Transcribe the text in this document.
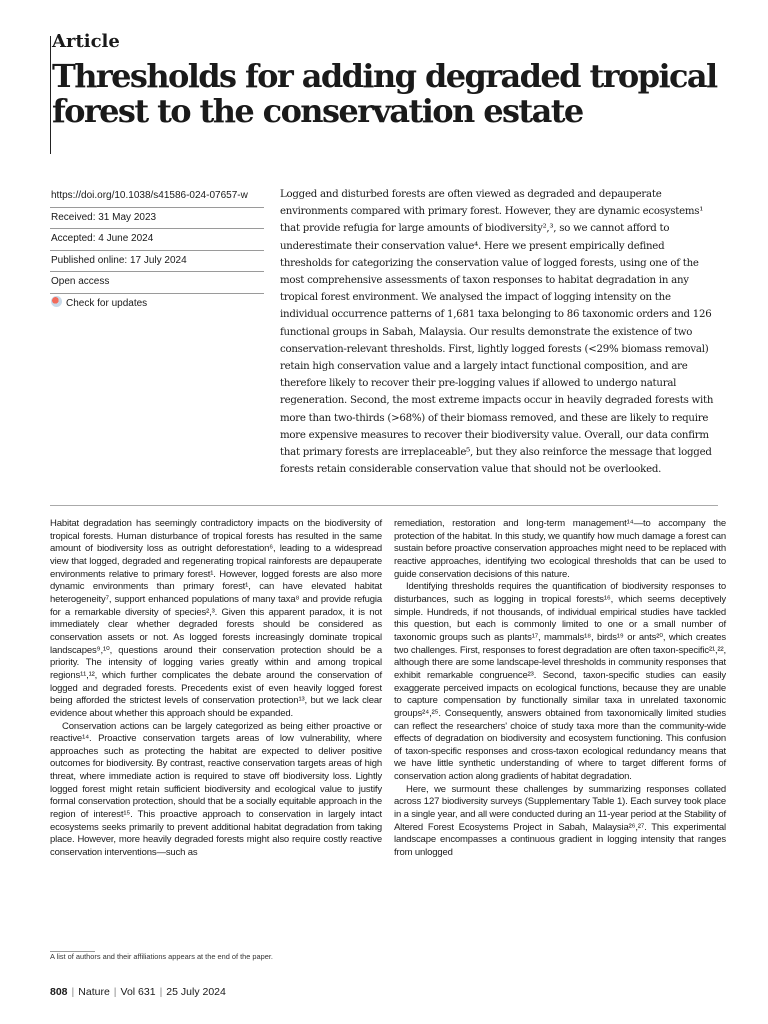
Article
Thresholds for adding degraded tropical forest to the conservation estate
https://doi.org/10.1038/s41586-024-07657-w
Received: 31 May 2023
Accepted: 4 June 2024
Published online: 17 July 2024
Open access
Check for updates

Logged and disturbed forests are often viewed as degraded and depauperate environments compared with primary forest. However, they are dynamic ecosystems¹ that provide refugia for large amounts of biodiversity²,³, so we cannot afford to underestimate their conservation value⁴. Here we present empirically defined thresholds for categorizing the conservation value of logged forests, using one of the most comprehensive assessments of taxon responses to habitat degradation in any tropical forest environment. We analysed the impact of logging intensity on the individual occurrence patterns of 1,681 taxa belonging to 86 taxonomic orders and 126 functional groups in Sabah, Malaysia. Our results demonstrate the existence of two conservation-relevant thresholds. First, lightly logged forests (<29% biomass removal) retain high conservation value and a largely intact functional composition, and are therefore likely to recover their pre-logging values if allowed to undergo natural regeneration. Second, the most extreme impacts occur in heavily degraded forests with more than two-thirds (>68%) of their biomass removed, and these are likely to require more expensive measures to recover their biodiversity value. Overall, our data confirm that primary forests are irreplaceable⁵, but they also reinforce the message that logged forests retain considerable conservation value that should not be overlooked.

Habitat degradation has seemingly contradictory impacts on the biodiversity of tropical forests. Human disturbance of tropical forests has resulted in the same amount of biodiversity loss as outright deforestation⁶, leading to a widespread view that logged, degraded and regenerating tropical rainforests are depauperate environments relative to primary forest¹. However, logged forests are also more dynamic environments than primary forest¹, can have elevated habitat heterogeneity⁷, support enhanced populations of many taxa⁸ and provide refugia for a remarkable diversity of species²,³. Given this apparent paradox, it is not immediately clear whether degraded forests should be considered as conservation assets or not. As logged forests increasingly dominate tropical landscapes⁹,¹⁰, questions around their conservation protection should be a priority. The intensity of logging varies greatly within and among tropical regions¹¹,¹², which further complicates the debate around the conservation of logged and degraded forests. Precedents exist of even heavily logged forest being afforded the strictest levels of conservation protection¹³, but we lack clear evidence about whether this approach should be expanded.

Conservation actions can be largely categorized as being either proactive or reactive¹⁴. Proactive conservation targets areas of low vulnerability, where approaches such as protecting the habitat are expected to deliver positive outcomes for biodiversity. By contrast, reactive conservation targets areas of high threat, where immediate action is required to stave off biodiversity loss. Lightly logged forest might retain sufficient biodiversity and ecological value to justify formal conservation protection, should that be a socially equitable approach in the region of interest¹⁵. This proactive approach to conservation in largely intact ecosystems seeks primarily to prevent additional habitat degradation from taking place. However, more heavily degraded forests might also require costly reactive conservation interventions—such as

remediation, restoration and long-term management¹⁴—to accompany the protection of the habitat. In this study, we quantify how much damage a forest can sustain before proactive conservation approaches might need to be replaced with reactive approaches, identifying two ecological thresholds that can be used to guide conservation decisions of this nature.

Identifying thresholds requires the quantification of biodiversity responses to disturbances, such as logging in tropical forests¹⁶, which seems deceptively simple. Hundreds, if not thousands, of individual empirical studies have tackled this question, but each is commonly limited to one or a small number of taxonomic groups such as plants¹⁷, mammals¹⁸, birds¹⁹ or ants²⁰, which creates two challenges. First, responses to forest degradation are often taxon-specific²¹,²², although there are some landscape-level thresholds in community responses that exhibit remarkable congruence²³. Second, taxon-specific studies can easily exaggerate perceived impacts on ecological functions, because they are unable to capture compensation by functionally similar taxa in unrelated taxonomic groups²⁴,²⁵. Consequently, answers obtained from taxonomically limited studies can reflect the researchers' choice of study taxa more than the community-wide effects of degradation on biodiversity and ecosystem functioning. This confusion of taxon-specific responses and cross-taxon ecological redundancy means that we have little synthetic understanding of where to target different forms of conservation action along gradients of habitat degradation.

Here, we surmount these challenges by summarizing responses collated across 127 biodiversity surveys (Supplementary Table 1). Each survey took place in a single year, and all were conducted during an 11-year period at the Stability of Altered Forest Ecosystems Project in Sabah, Malaysia²⁶,²⁷. This experimental landscape encompasses a continuous gradient in logging intensity that ranges from unlogged

A list of authors and their affiliations appears at the end of the paper.
808 | Nature | Vol 631 | 25 July 2024
